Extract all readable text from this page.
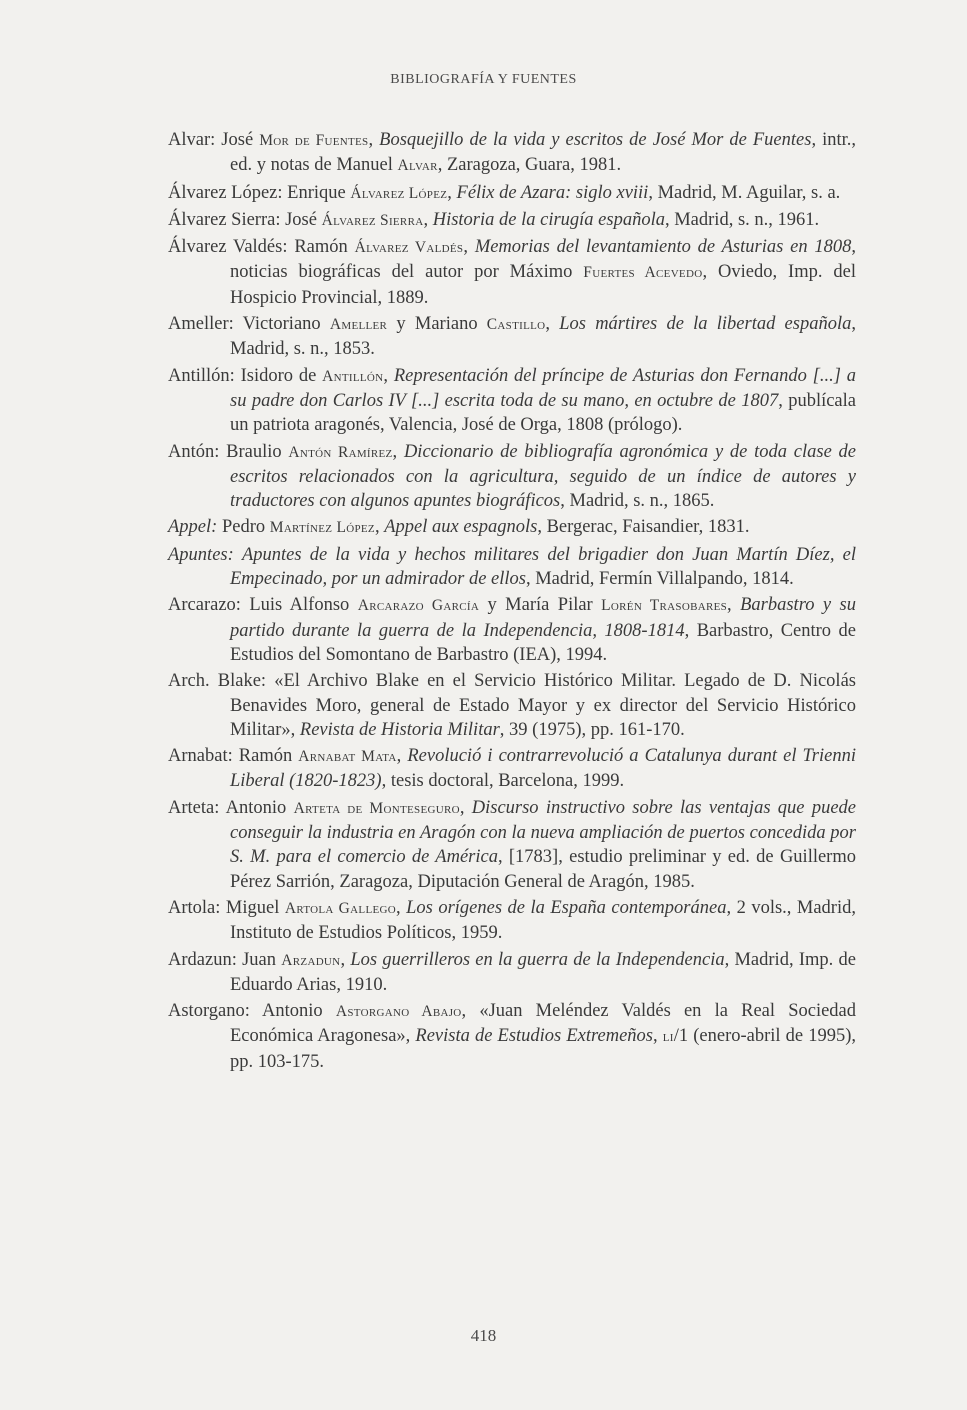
BIBLIOGRAFÍA Y FUENTES

Alvar: José Mor de Fuentes, Bosquejillo de la vida y escritos de José Mor de Fuentes, intr., ed. y notas de Manuel Alvar, Zaragoza, Guara, 1981.

Álvarez López: Enrique Álvarez López, Félix de Azara: siglo xviii, Madrid, M. Aguilar, s. a.

Álvarez Sierra: José Álvarez Sierra, Historia de la cirugía española, Madrid, s. n., 1961.

Álvarez Valdés: Ramón Álvarez Valdés, Memorias del levantamiento de Asturias en 1808, noticias biográficas del autor por Máximo Fuertes Acevedo, Oviedo, Imp. del Hospicio Provincial, 1889.

Ameller: Victoriano Ameller y Mariano Castillo, Los mártires de la libertad española, Madrid, s. n., 1853.

Antillón: Isidoro de Antillón, Representación del príncipe de Asturias don Fernando [...] a su padre don Carlos IV [...] escrita toda de su mano, en octubre de 1807, publícala un patriota aragonés, Valencia, José de Orga, 1808 (prólogo).

Antón: Braulio Antón Ramírez, Diccionario de bibliografía agronómica y de toda clase de escritos relacionados con la agricultura, seguido de un índice de autores y traductores con algunos apuntes biográficos, Madrid, s. n., 1865.

Appel: Pedro Martínez López, Appel aux espagnols, Bergerac, Faisandier, 1831.

Apuntes: Apuntes de la vida y hechos militares del brigadier don Juan Martín Díez, el Empecinado, por un admirador de ellos, Madrid, Fermín Villalpando, 1814.

Arcarazo: Luis Alfonso Arcarazo García y María Pilar Lorén Trasobares, Barbastro y su partido durante la guerra de la Independencia, 1808-1814, Barbastro, Centro de Estudios del Somontano de Barbastro (IEA), 1994.

Arch. Blake: «El Archivo Blake en el Servicio Histórico Militar. Legado de D. Nicolás Benavides Moro, general de Estado Mayor y ex director del Servicio Histórico Militar», Revista de Historia Militar, 39 (1975), pp. 161-170.

Arnabat: Ramón Arnabat Mata, Revolució i contrarrevolució a Catalunya durant el Trienni Liberal (1820-1823), tesis doctoral, Barcelona, 1999.

Arteta: Antonio Arteta de Monteseguro, Discurso instructivo sobre las ventajas que puede conseguir la industria en Aragón con la nueva ampliación de puertos concedida por S. M. para el comercio de América, [1783], estudio preliminar y ed. de Guillermo Pérez Sarrión, Zaragoza, Diputación General de Aragón, 1985.

Artola: Miguel Artola Gallego, Los orígenes de la España contemporánea, 2 vols., Madrid, Instituto de Estudios Políticos, 1959.

Ardazun: Juan Arzadun, Los guerrilleros en la guerra de la Independencia, Madrid, Imp. de Eduardo Arias, 1910.

Astorgano: Antonio Astorgano Abajo, «Juan Meléndez Valdés en la Real Sociedad Económica Aragonesa», Revista de Estudios Extremeños, li/1 (enero-abril de 1995), pp. 103-175.

418
